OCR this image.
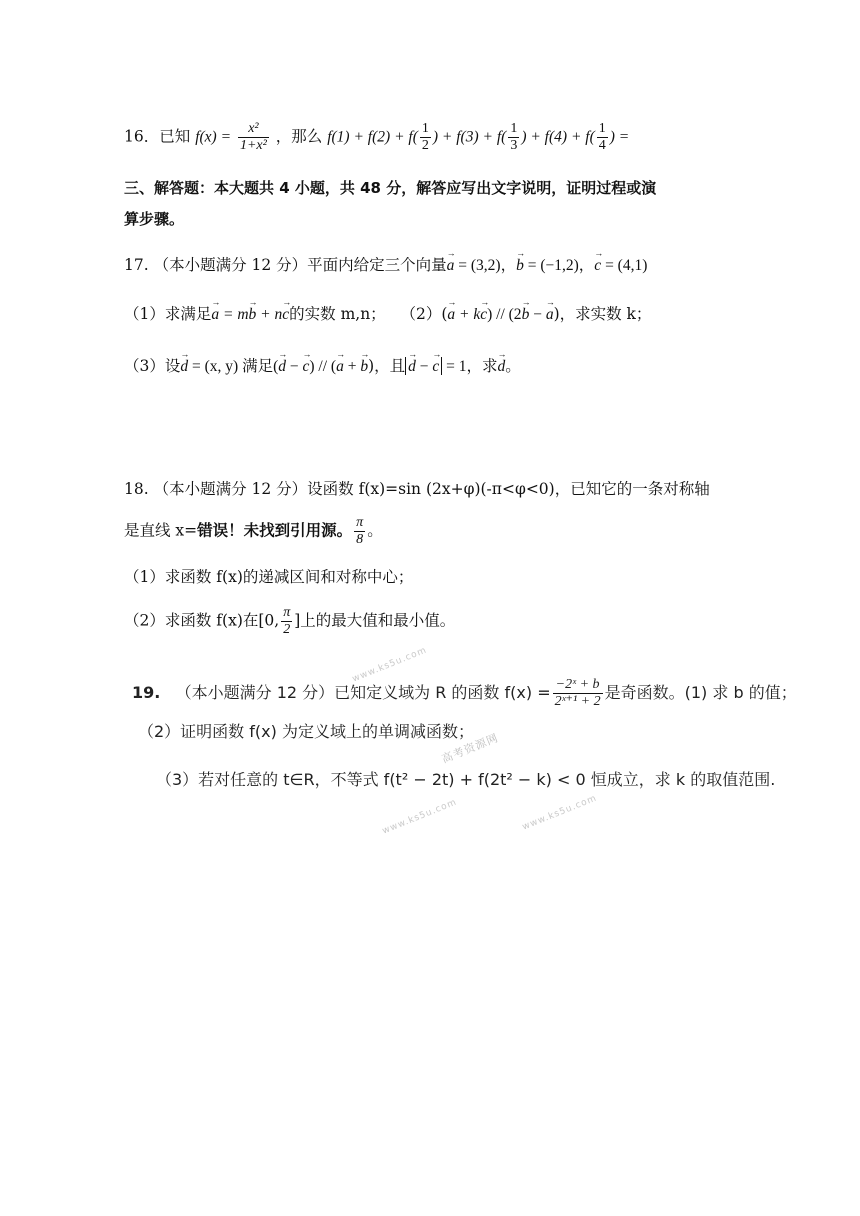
16．已知 $f(x) = \frac{\text{x²}}{\text{1+x²}}$ ，那么 $f(1) + f(2) + f( \frac{1}{2}$ ) + $f(3) + f( \frac{1}{3}$ ) + $f(4) + f( \frac{1}{4}$ ) =
三、解答题：本大题共 4 小题，共 48 分，解答应写出文字说明，证明过程或演
算步骤。
17. （本小题满分 12 分）平面内给定三个向量→ a = (3,2)，→ b = (−1,2)，→ c = (4,1)
（1）求满足→ a = m→ b + n→ c的实数 m,n； （2）(→ a + k→ c) // (2→ b − → a)，求实数 k；
（3）设→ d = (x, y) 满足(→ d − → c) // (→ a + → b)，且→ d − → c = 1，求→ d。
18. （本小题满分 12 分）设函数 f(x)=sin (2x+φ)(-π<φ<0)，已知它的一条对称轴
是直线 x=错误！未找到引用源。 $\frac{\pi}{8}$ 。
（1）求函数 f(x)的递减区间和对称中心；
（2）求函数 f(x)在[0, $\frac{\pi}{2}$ ]上的最大值和最小值。
www.ks5u.com
高考资源网
www.ks5u.com	www.ks5u.com
19. （本小题满分 12 分）已知定义域为 R 的函数 $f(x) = \frac{\text{−2ˣ + b}}{\text{2ˣ⁺¹ + 2}}$ 是奇函数。(1) 求 b 的值；
（2）证明函数 f(x) 为定义域上的单调减函数；
（3）若对任意的 t∈R，不等式 f(t² − 2t) + f(2t² − k) < 0 恒成立，求 k 的取值范围.
